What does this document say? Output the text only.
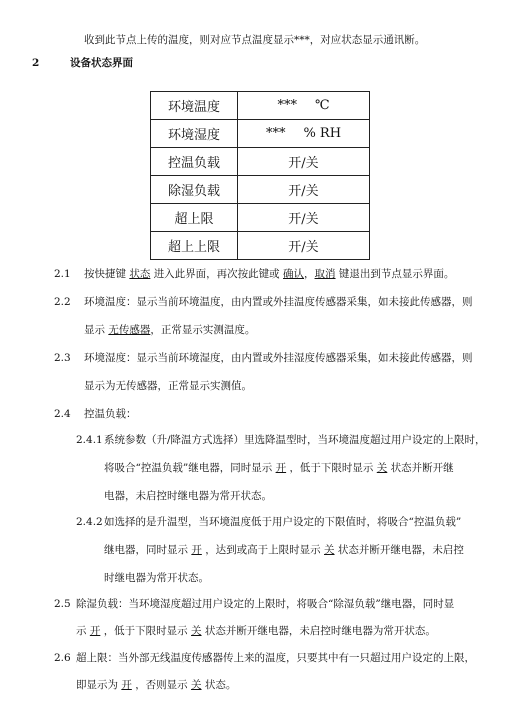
收到此节点上传的温度，则对应节点温度显示***，对应状态显示通讯断。
2	设备状态界面
环境温度	*** ℃
环境湿度	*** % RH
控温负载	开/关
除湿负载	开/关
超上限	开/关
超上上限	开/关
2.1 按快捷键 状态 进入此界面，再次按此键或 确认，取消 键退出到节点显示界面。
2.2 环境温度：显示当前环境温度，由内置或外挂温度传感器采集，如未接此传感器，则
显示 无传感器，正常显示实测温度。
2.3 环境湿度：显示当前环境湿度，由内置或外挂湿度传感器采集，如未接此传感器，则
显示为无传感器，正常显示实测值。
2.4 控温负载：
2.4.1 系统参数（升/降温方式选择）里选降温型时，当环境温度超过用户设定的上限时，
将吸合“控温负载”继电器，同时显示 开 ，低于下限时显示 关 状态并断开继
电器，未启控时继电器为常开状态。
2.4.2 如选择的是升温型，当环境温度低于用户设定的下限值时，将吸合“控温负载”
继电器，同时显示 开 ，达到或高于上限时显示 关 状态并断开继电器，未启控
时继电器为常开状态。
2.5 除湿负载：当环境湿度超过用户设定的上限时，将吸合“除湿负载”继电器，同时显
示 开 ，低于下限时显示 关 状态并断开继电器，未启控时继电器为常开状态。
2.6 超上限：当外部无线温度传感器传上来的温度，只要其中有一只超过用户设定的上限，
即显示为 开 ，否则显示 关 状态。
